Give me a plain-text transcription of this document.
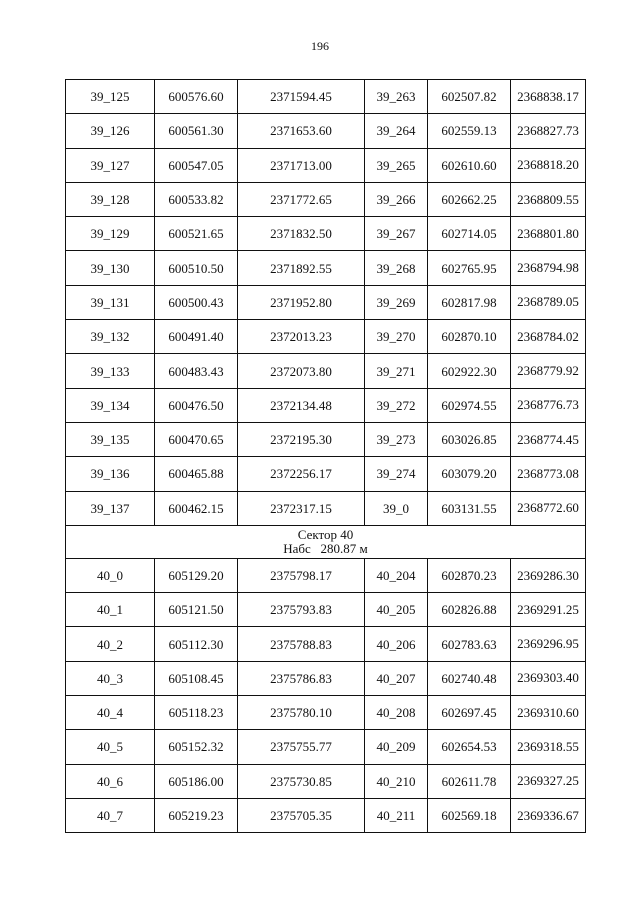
196
39_125	600576.60	2371594.45	39_263	602507.82	2368838.17
39_126	600561.30	2371653.60	39_264	602559.13	2368827.73
39_127	600547.05	2371713.00	39_265	602610.60	2368818.20
39_128	600533.82	2371772.65	39_266	602662.25	2368809.55
39_129	600521.65	2371832.50	39_267	602714.05	2368801.80
39_130	600510.50	2371892.55	39_268	602765.95	2368794.98
39_131	600500.43	2371952.80	39_269	602817.98	2368789.05
39_132	600491.40	2372013.23	39_270	602870.10	2368784.02
39_133	600483.43	2372073.80	39_271	602922.30	2368779.92
39_134	600476.50	2372134.48	39_272	602974.55	2368776.73
39_135	600470.65	2372195.30	39_273	603026.85	2368774.45
39_136	600465.88	2372256.17	39_274	603079.20	2368773.08
39_137	600462.15	2372317.15	39_0	603131.55	2368772.60

Сектор 40
Набс   280.87 м					

40_0	605129.20	2375798.17	40_204	602870.23	2369286.30
40_1	605121.50	2375793.83	40_205	602826.88	2369291.25
40_2	605112.30	2375788.83	40_206	602783.63	2369296.95
40_3	605108.45	2375786.83	40_207	602740.48	2369303.40
40_4	605118.23	2375780.10	40_208	602697.45	2369310.60
40_5	605152.32	2375755.77	40_209	602654.53	2369318.55
40_6	605186.00	2375730.85	40_210	602611.78	2369327.25
40_7	605219.23	2375705.35	40_211	602569.18	2369336.67
